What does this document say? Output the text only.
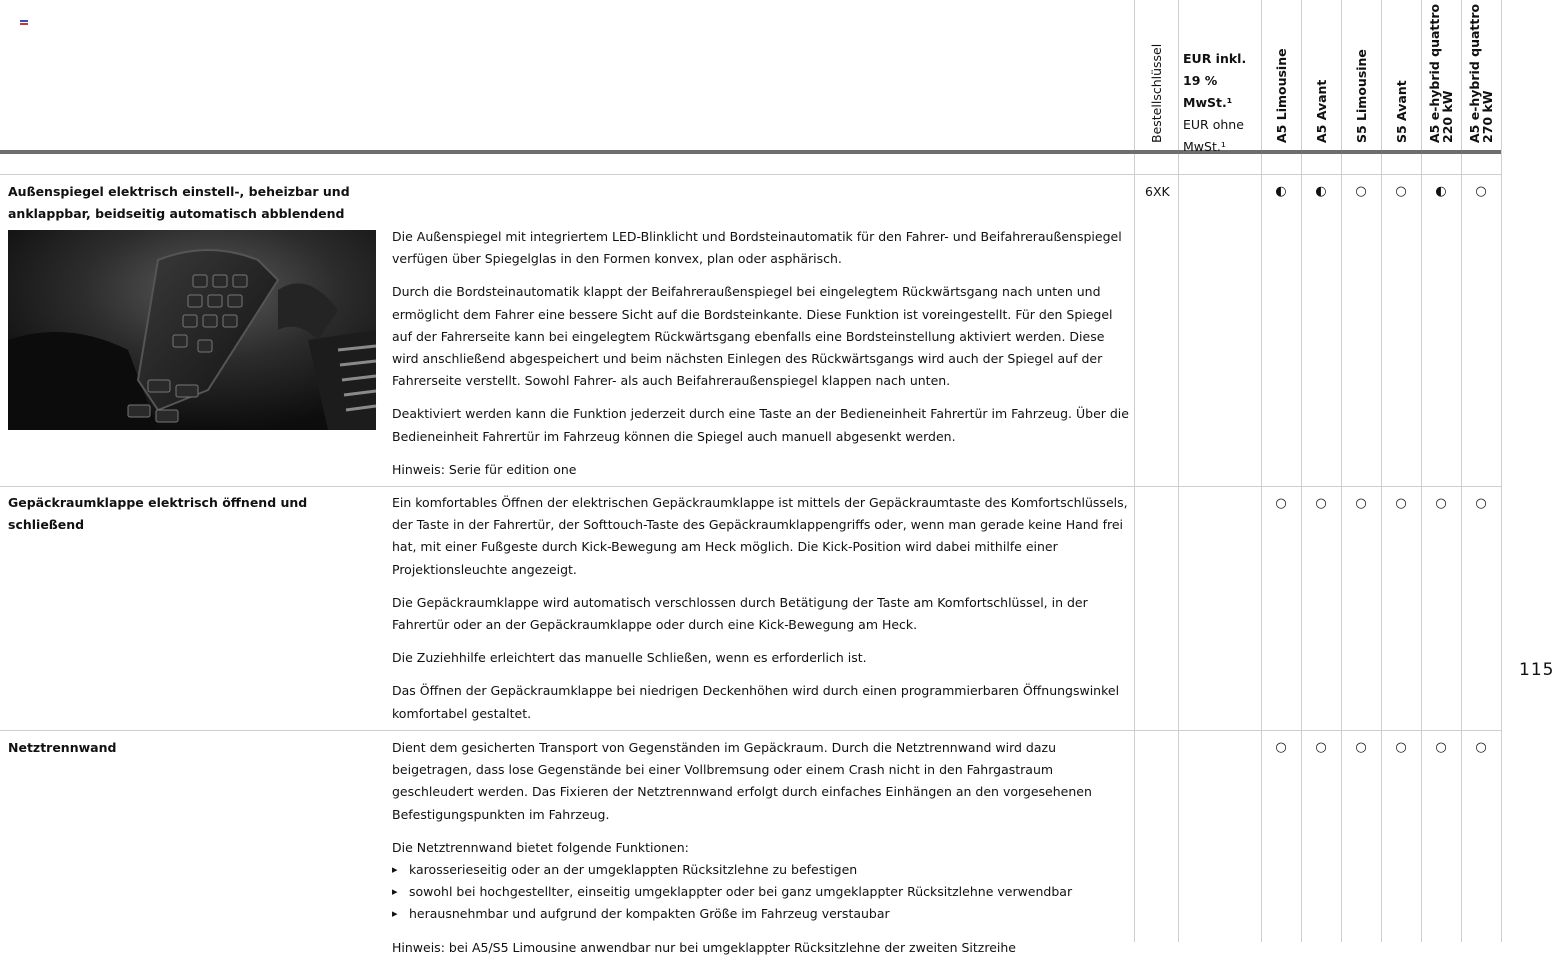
Bestellschlüssel EUR inkl.
19 % MwSt.¹
EUR ohne
MwSt.¹
A5 Limousine A5 Avant S5 Limousine S5 Avant A5 e-hybrid quattro
220 kW A5 e-hybrid quattro
270 kW
Außenspiegel elektrisch einstell-, beheizbar und anklappbar, beidseitig automatisch abblendend
6XK

Die Außenspiegel mit integriertem LED-Blinklicht und Bordsteinautomatik für den Fahrer- und Beifahreraußenspiegel verfügen über Spiegelglas in den Formen konvex, plan oder asphärisch.

Durch die Bordsteinautomatik klappt der Beifahreraußenspiegel bei eingelegtem Rückwärtsgang nach unten und ermöglicht dem Fahrer eine bessere Sicht auf die Bordsteinkante. Diese Funktion ist voreingestellt. Für den Spiegel auf der Fahrerseite kann bei eingelegtem Rückwärtsgang ebenfalls eine Bordsteinstellung aktiviert werden. Diese wird anschließend abgespeichert und beim nächsten Einlegen des Rückwärtsgangs wird auch der Spiegel auf der Fahrerseite verstellt. Sowohl Fahrer- als auch Beifahreraußenspiegel klappen nach unten.

Deaktiviert werden kann die Funktion jederzeit durch eine Taste an der Bedieneinheit Fahrertür im Fahrzeug. Über die Bedieneinheit Fahrertür im Fahrzeug können die Spiegel auch manuell abgesenkt werden.

Hinweis: Serie für edition one

◐ ◐ ○ ○ ◐ ○
Gepäckraumklappe elektrisch öffnend und schließend

Ein komfortables Öffnen der elektrischen Gepäckraumklappe ist mittels der Gepäckraumtaste des Komfortschlüssels, der Taste in der Fahrertür, der Softtouch-Taste des Gepäckraumklappengriffs oder, wenn man gerade keine Hand frei hat, mit einer Fußgeste durch Kick-Bewegung am Heck möglich. Die Kick-Position wird dabei mithilfe einer Projektionsleuchte angezeigt.

Die Gepäckraumklappe wird automatisch verschlossen durch Betätigung der Taste am Komfortschlüssel, in der Fahrertür oder an der Gepäckraumklappe oder durch eine Kick-Bewegung am Heck.

Die Zuziehhilfe erleichtert das manuelle Schließen, wenn es erforderlich ist.

Das Öffnen der Gepäckraumklappe bei niedrigen Deckenhöhen wird durch einen programmierbaren Öffnungswinkel komfortabel gestaltet.

○ ○ ○ ○ ○ ○
Netztrennwand	Dient dem gesicherten Transport von Gegenständen im Gepäckraum. Durch die Netztrennwand wird dazu beigetragen, dass lose Gegenstände bei einer Vollbremsung oder einem Crash nicht in den Fahrgastraum geschleudert werden. Das Fixieren der Netztrennwand erfolgt durch einfaches Einhängen an den vorgesehenen Befestigungspunkten im Fahrzeug.

Die Netztrennwand bietet folgende Funktionen:
▸ karosserieseitig oder an der umgeklappten Rücksitzlehne zu befestigen
▸ sowohl bei hochgestellter, einseitig umgeklappter oder bei ganz umgeklappter Rücksitzlehne verwendbar
▸ herausnehmbar und aufgrund der kompakten Größe im Fahrzeug verstaubar

Hinweis: bei A5/S5 Limousine anwendbar nur bei umgeklappter Rücksitzlehne der zweiten Sitzreihe

○ ○ ○ ○ ○ ○
115
